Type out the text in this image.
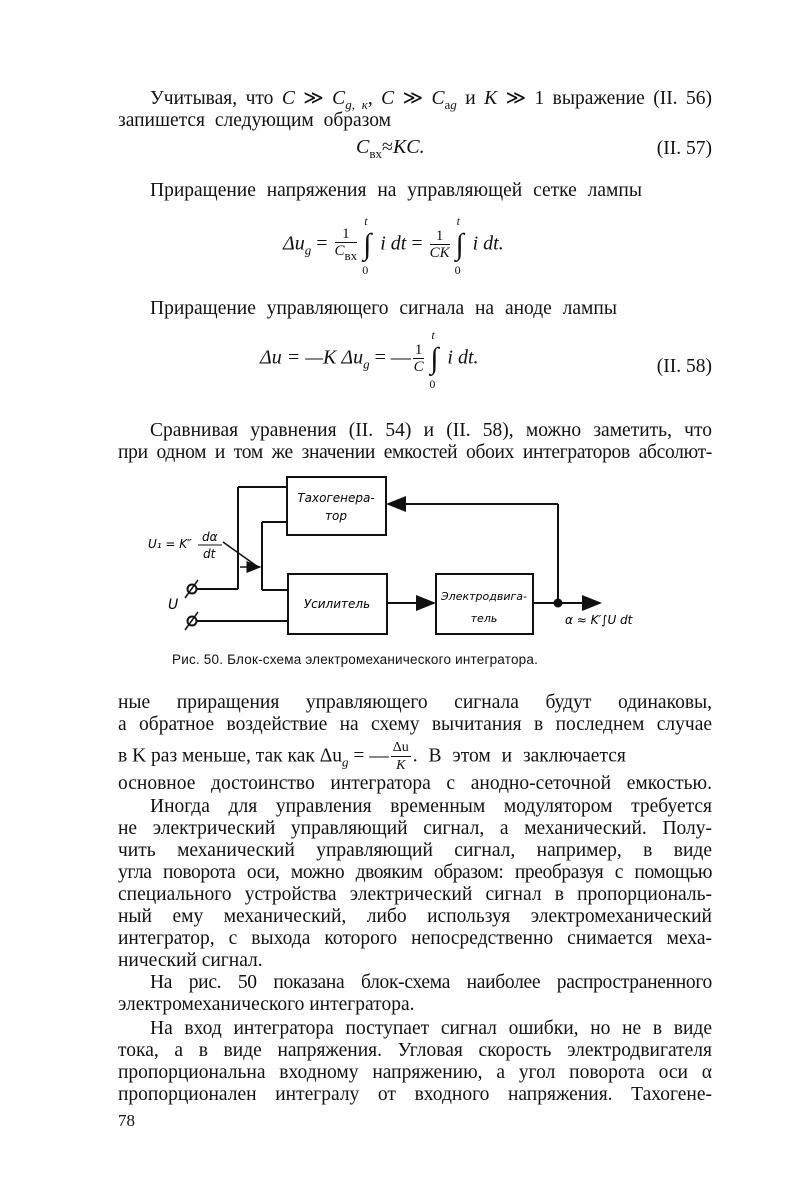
Учитывая, что C ≫ $C_{g, к}$, C ≫ $C_{ag}$ и K ≫ 1 выражение (II. 56)
запишется следующим образом
$C_{вх}\approx KC$.	(II. 57)
Приращение напряжения на управляющей сетке лампы
$\Delta u_g = \frac{1}{\text{Cвх}}$ ∫
t
0
i dt = $\frac{1}{CK}$ ∫
t
0
i dt.
Приращение управляющего сигнала на аноде лампы
Δu = —K $\Delta u_g$ = — $\frac{1}{C}$ ∫
t
0
i dt.	(II. 58)
Сравнивая уравнения (II. 54) и (II. 58), можно заметить, что
при одном и том же значении емкостей обоих интеграторов абсолют-
Тахогенера-
тор
Усилитель
Электродвига-
тель
U₁ = K″ dα
dt
U
α ≈ K′∫U dt
Рис. 50. Блок-схема электромеханического интегратора.
ные приращения управляющего сигнала будут одинаковы,
а обратное воздействие на схему вычитания в последнем случае
в K раз меньше, так как $\Delta u_g$ = — $\frac{\Delta u}{K}$ . В этом и заключается
основное достоинство интегратора с анодно-сеточной емкостью.
Иногда для управления временным модулятором требуется
не электрический управляющий сигнал, а механический. Полу-
чить механический управляющий сигнал, например, в виде
угла поворота оси, можно двояким образом: преобразуя с помощью
специального устройства электрический сигнал в пропорциональ-
ный ему механический, либо используя электромеханический
интегратор, с выхода которого непосредственно снимается меха-
нический сигнал.
На рис. 50 показана блок-схема наиболее распространенного
электромеханического интегратора.
На вход интегратора поступает сигнал ошибки, но не в виде
тока, а в виде напряжения. Угловая скорость электродвигателя
пропорциональна входному напряжению, а угол поворота оси α
пропорционален интегралу от входного напряжения. Тахогене-
78
